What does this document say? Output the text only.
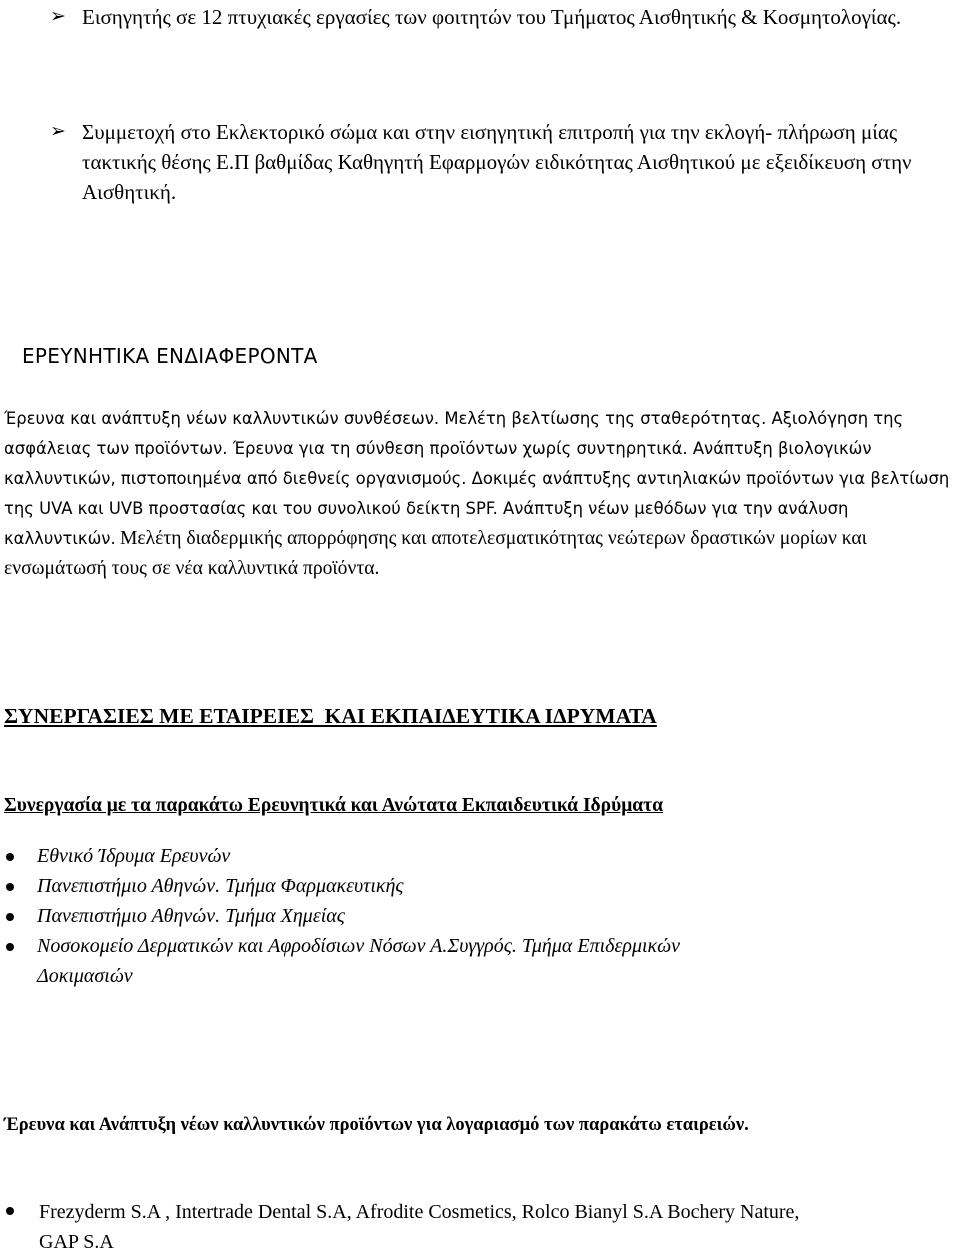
➢ Εισηγητής σε 12 πτυχιακές εργασίες των φοιτητών του Τμήματος Αισθητικής & Κοσμητολογίας.
➢ Συμμετοχή στο Εκλεκτορικό σώμα και στην εισηγητική επιτροπή για την εκλογή- πλήρωση μίας τακτικής θέσης Ε.Π βαθμίδας Καθηγητή Εφαρμογών ειδικότητας Αισθητικού με εξειδίκευση στην Αισθητική.
ΕΡΕΥΝΗΤΙΚΑ ΕΝΔΙΑΦΕΡΟΝΤΑ

Έρευνα και ανάπτυξη νέων καλλυντικών συνθέσεων. Μελέτη βελτίωσης της σταθερότητας. Αξιολόγηση της ασφάλειας των προϊόντων. Έρευνα για τη σύνθεση προϊόντων χωρίς συντηρητικά. Ανάπτυξη βιολογικών καλλυντικών, πιστοποιημένα από διεθνείς οργανισμούς. Δοκιμές ανάπτυξης αντιηλιακών προϊόντων για βελτίωση της UVA και UVB προστασίας και του συνολικού δείκτη SPF. Ανάπτυξη νέων μεθόδων για την ανάλυση καλλυντικών. Μελέτη διαδερμικής απορρόφησης και αποτελεσματικότητας νεώτερων δραστικών μορίων και ενσωμάτωσή τους σε νέα καλλυντικά προϊόντα.

ΣΥΝΕΡΓΑΣΙΕΣ ΜΕ ΕΤΑΙΡΕΙΕΣ  ΚΑΙ ΕΚΠΑΙΔΕΥΤΙΚΑ ΙΔΡΥΜΑΤΑ
Συνεργασία με τα παρακάτω Ερευνητικά και Ανώτατα Εκπαιδευτικά Ιδρύματα
Εθνικό Ίδρυμα Ερευνών
Πανεπιστήμιο Αθηνών. Τμήμα Φαρμακευτικής
Πανεπιστήμιο Αθηνών. Τμήμα Χημείας
Νοσοκομείο Δερματικών και Αφροδίσιων Νόσων Α.Συγγρός. Τμήμα Επιδερμικών Δοκιμασιών
Έρευνα και Ανάπτυξη νέων καλλυντικών προϊόντων για λογαριασμό των παρακάτω εταιρειών.
Frezyderm S.A , Intertrade Dental S.A, Afrodite Cosmetics, Rolco Bianyl S.A Bochery Nature, GAP S.A
